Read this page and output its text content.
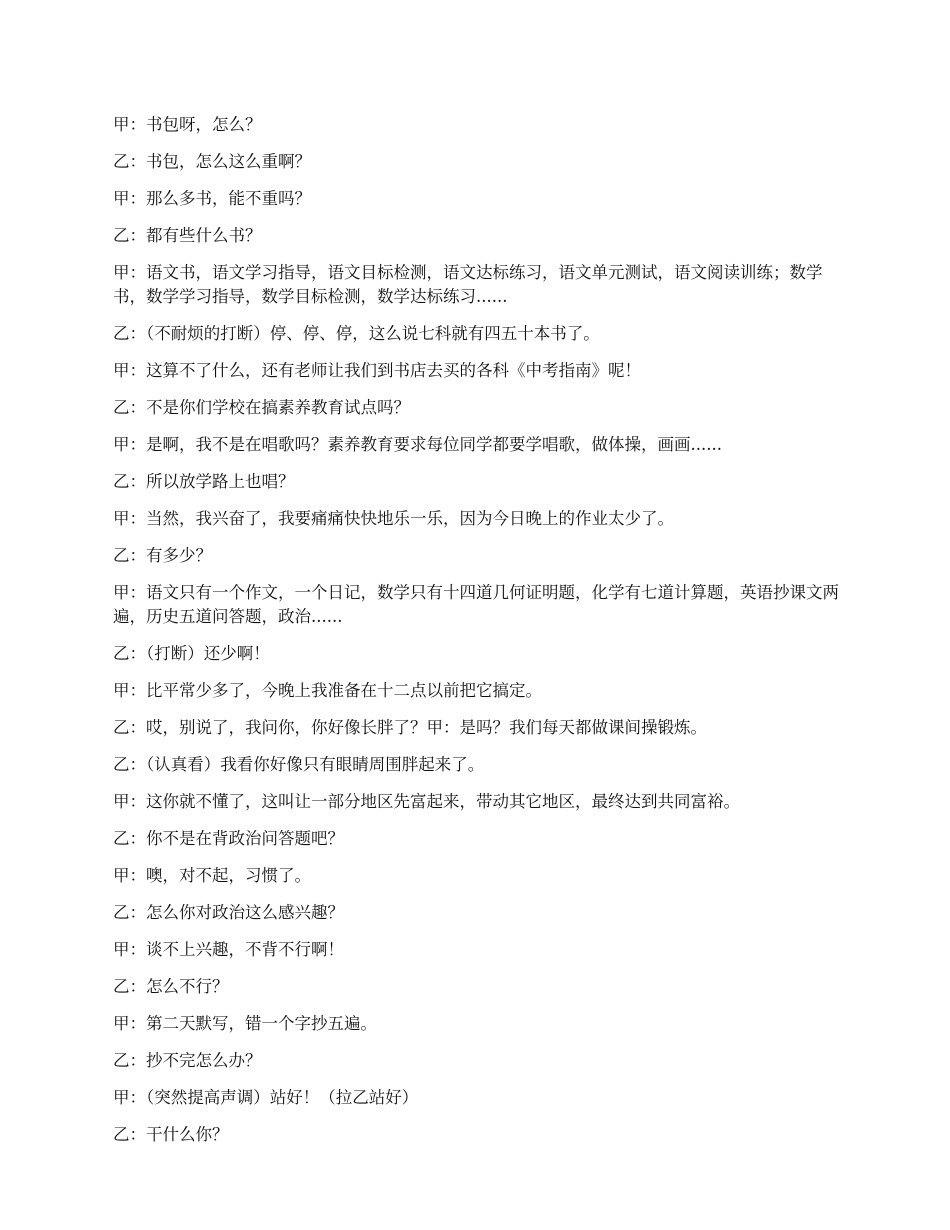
甲：书包呀，怎么？

乙：书包，怎么这么重啊？

甲：那么多书，能不重吗？

乙：都有些什么书？

甲：语文书，语文学习指导，语文目标检测，语文达标练习，语文单元测试，语文阅读训练；数学书，数学学习指导，数学目标检测，数学达标练习......

乙：（不耐烦的打断）停、停、停，这么说七科就有四五十本书了。

甲：这算不了什么，还有老师让我们到书店去买的各科《中考指南》呢！

乙：不是你们学校在搞素养教育试点吗？

甲：是啊，我不是在唱歌吗？素养教育要求每位同学都要学唱歌，做体操，画画......

乙：所以放学路上也唱？

甲：当然，我兴奋了，我要痛痛快快地乐一乐，因为今日晚上的作业太少了。

乙：有多少？

甲：语文只有一个作文，一个日记，数学只有十四道几何证明题，化学有七道计算题，英语抄课文两遍，历史五道问答题，政治......

乙：（打断）还少啊！

甲：比平常少多了，今晚上我准备在十二点以前把它搞定。

乙：哎，别说了，我问你，你好像长胖了？甲：是吗？我们每天都做课间操锻炼。

乙：（认真看）我看你好像只有眼睛周围胖起来了。

甲：这你就不懂了，这叫让一部分地区先富起来，带动其它地区，最终达到共同富裕。

乙：你不是在背政治问答题吧？

甲：噢，对不起，习惯了。

乙：怎么你对政治这么感兴趣？

甲：谈不上兴趣，不背不行啊！

乙：怎么不行？

甲：第二天默写，错一个字抄五遍。

乙：抄不完怎么办？

甲：（突然提高声调）站好！（拉乙站好）

乙：干什么你？
